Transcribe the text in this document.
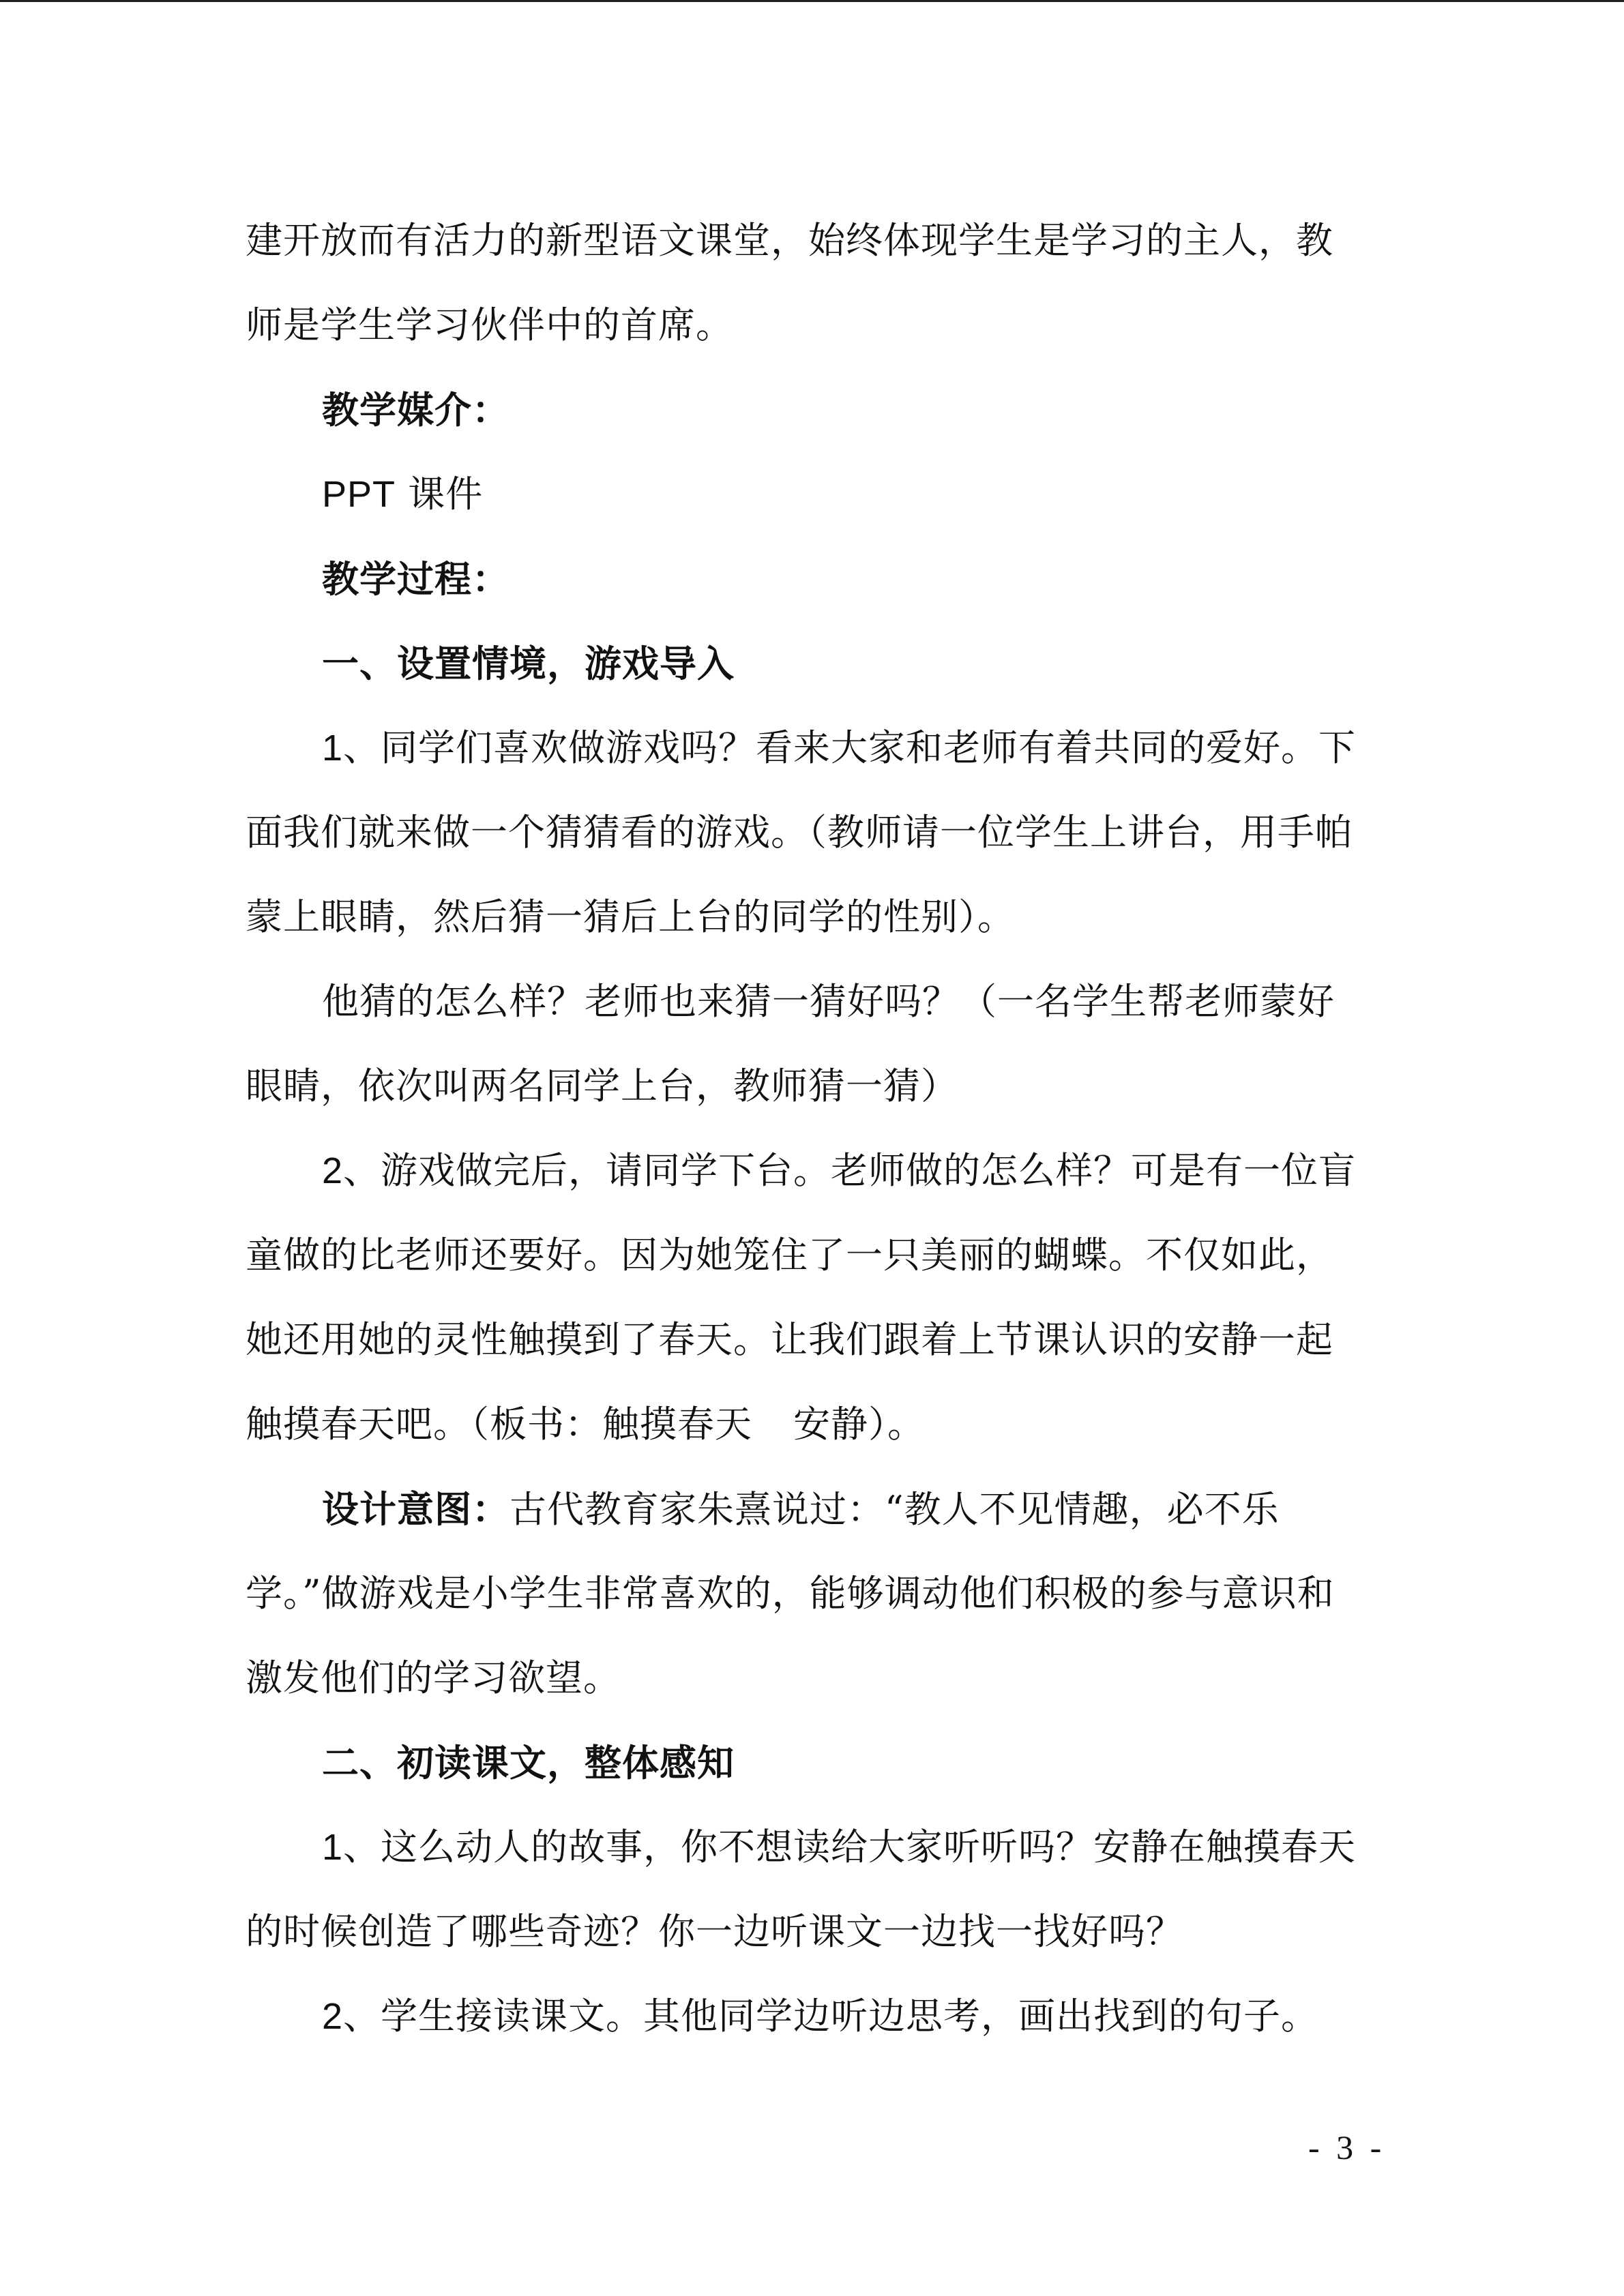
建开放而有活力的新型语文课堂，始终体现学生是学习的主人，教
师是学生学习伙伴中的首席。
教学媒介：
PPT 课件
教学过程：
一、设置情境，游戏导入
1、同学们喜欢做游戏吗？看来大家和老师有着共同的爱好。下
面我们就来做一个猜猜看的游戏。（教师请一位学生上讲台，用手帕
蒙上眼睛，然后猜一猜后上台的同学的性别）。
他猜的怎么样？老师也来猜一猜好吗？（一名学生帮老师蒙好
眼睛，依次叫两名同学上台，教师猜一猜）
2、游戏做完后，请同学下台。老师做的怎么样？可是有一位盲
童做的比老师还要好。因为她笼住了一只美丽的蝴蝶。不仅如此，
她还用她的灵性触摸到了春天。让我们跟着上节课认识的安静一起
触摸春天吧。（板书：触摸春天 安静）。
设计意图：古代教育家朱熹说过：“教人不见情趣，必不乐
学。”做游戏是小学生非常喜欢的，能够调动他们积极的参与意识和
激发他们的学习欲望。
二、初读课文，整体感知
1、这么动人的故事，你不想读给大家听听吗？安静在触摸春天
的时候创造了哪些奇迹？你一边听课文一边找一找好吗？
2、学生接读课文。其他同学边听边思考，画出找到的句子。
- 3 -
